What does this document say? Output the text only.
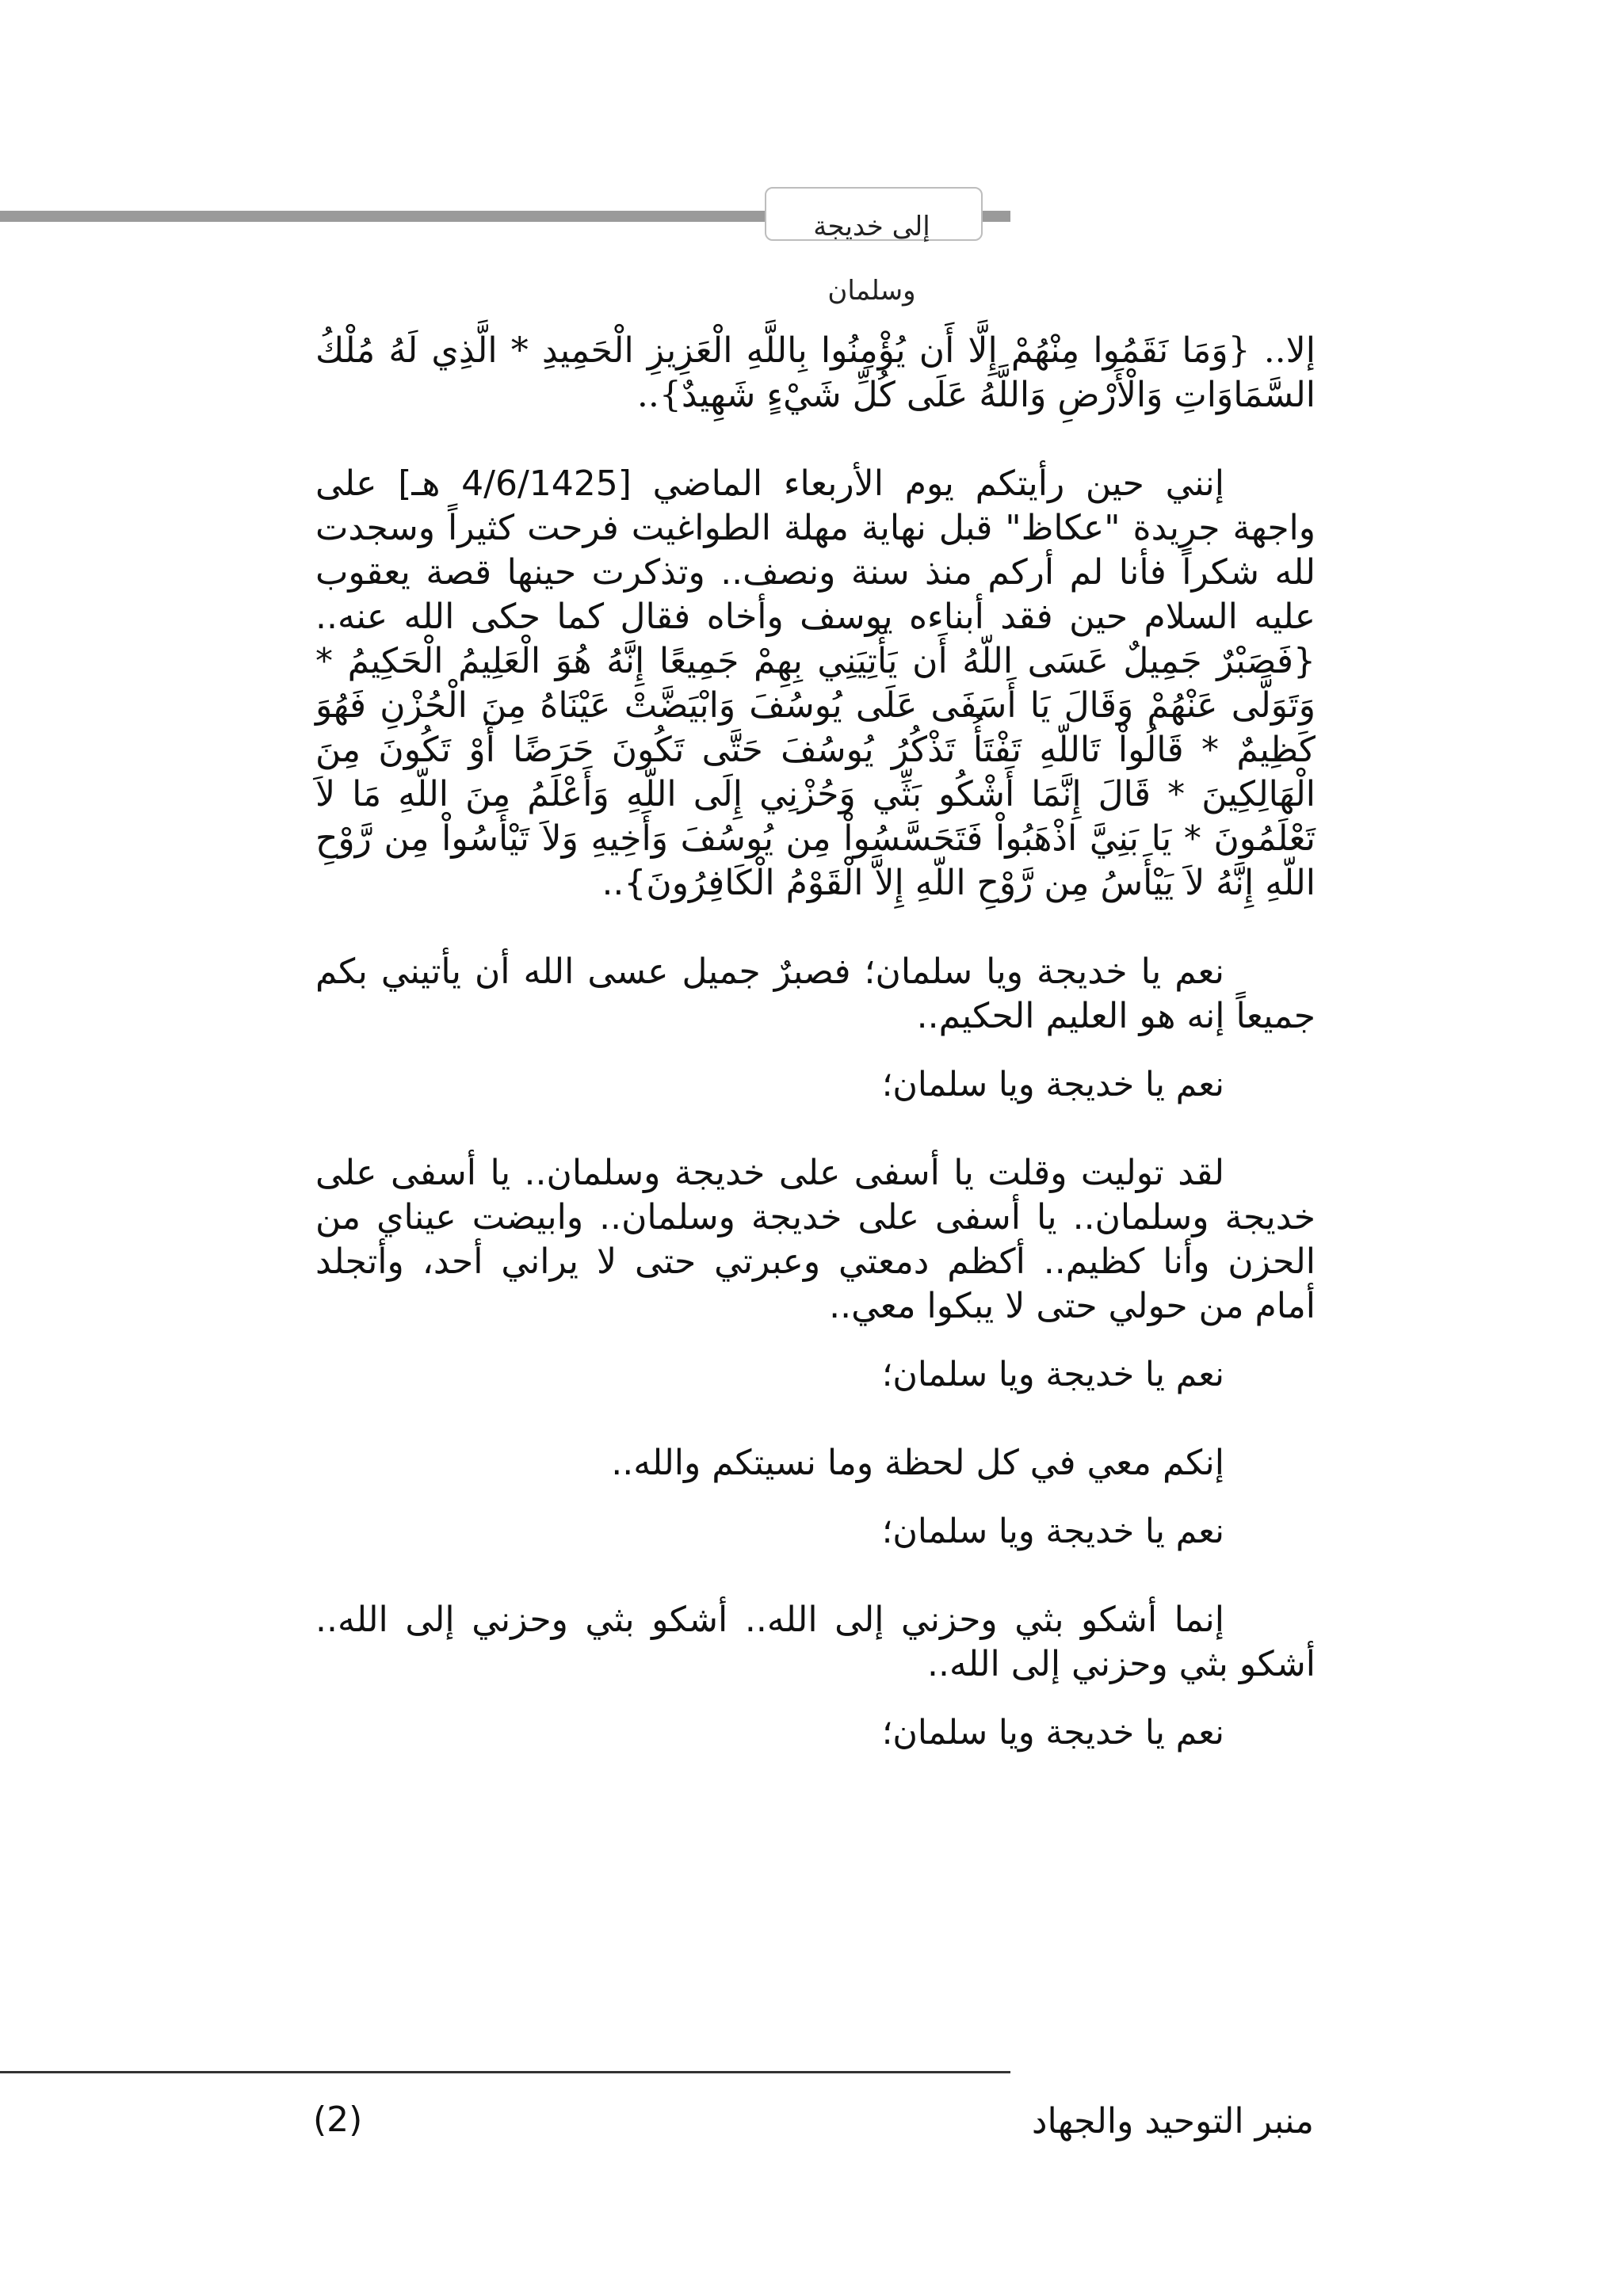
إلى خديجة
وسلمان

إلا.. {وَمَا نَقَمُوا مِنْهُمْ إِلَّا أَن يُؤْمِنُوا بِاللَّهِ الْعَزِيزِ الْحَمِيدِ * الَّذِي لَهُ مُلْكُ السَّمَاوَاتِ وَالْأَرْضِ وَاللَّهُ عَلَى كُلِّ شَيْءٍ شَهِيدٌ}..

إنني حين رأيتكم يوم الأربعاء الماضي [4/6/1425 هـ] على واجهة جريدة "عكاظ" قبل نهاية مهلة الطواغيت فرحت كثيراً وسجدت لله شكراً فأنا لم أركم منذ سنة ونصف.. وتذكرت حينها قصة يعقوب عليه السلام حين فقد أبناءه يوسف وأخاه فقال كما حكى الله عنه.. {فَصَبْرٌ جَمِيلٌ عَسَى اللّهُ أَن يَأْتِيَنِي بِهِمْ جَمِيعًا إِنَّهُ هُوَ الْعَلِيمُ الْحَكِيمُ * وَتَوَلَّى عَنْهُمْ وَقَالَ يَا أَسَفَى عَلَى يُوسُفَ وَابْيَضَّتْ عَيْنَاهُ مِنَ الْحُزْنِ فَهُوَ كَظِيمٌ * قَالُواْ تَاللّهِ تَفْتَأُ تَذْكُرُ يُوسُفَ حَتَّى تَكُونَ حَرَضًا أَوْ تَكُونَ مِنَ الْهَالِكِينَ * قَالَ إِنَّمَا أَشْكُو بَثِّي وَحُزْنِي إِلَى اللّهِ وَأَعْلَمُ مِنَ اللّهِ مَا لاَ تَعْلَمُونَ * يَا بَنِيَّ اذْهَبُواْ فَتَحَسَّسُواْ مِن يُوسُفَ وَأَخِيهِ وَلاَ تَيْأَسُواْ مِن رَّوْحِ اللّهِ إِنَّهُ لاَ يَيْأَسُ مِن رَّوْحِ اللّهِ إِلاَّ الْقَوْمُ الْكَافِرُونَ}..

نعم يا خديجة ويا سلمان؛ فصبرٌ جميل عسى الله أن يأتيني بكم جميعاً إنه هو العليم الحكيم..

نعم يا خديجة ويا سلمان؛

لقد توليت وقلت يا أسفى على خديجة وسلمان.. يا أسفى على خديجة وسلمان.. يا أسفى على خديجة وسلمان.. وابيضت عيناي من الحزن وأنا كظيم.. أكظم دمعتي وعبرتي حتى لا يراني أحد، وأتجلد أمام من حولي حتى لا يبكوا معي..

نعم يا خديجة ويا سلمان؛

إنكم معي في كل لحظة وما نسيتكم والله..

نعم يا خديجة ويا سلمان؛

إنما أشكو بثي وحزني إلى الله.. أشكو بثي وحزني إلى الله.. أشكو بثي وحزني إلى الله..

نعم يا خديجة ويا سلمان؛

منبر التوحيد والجهاد
(2)
